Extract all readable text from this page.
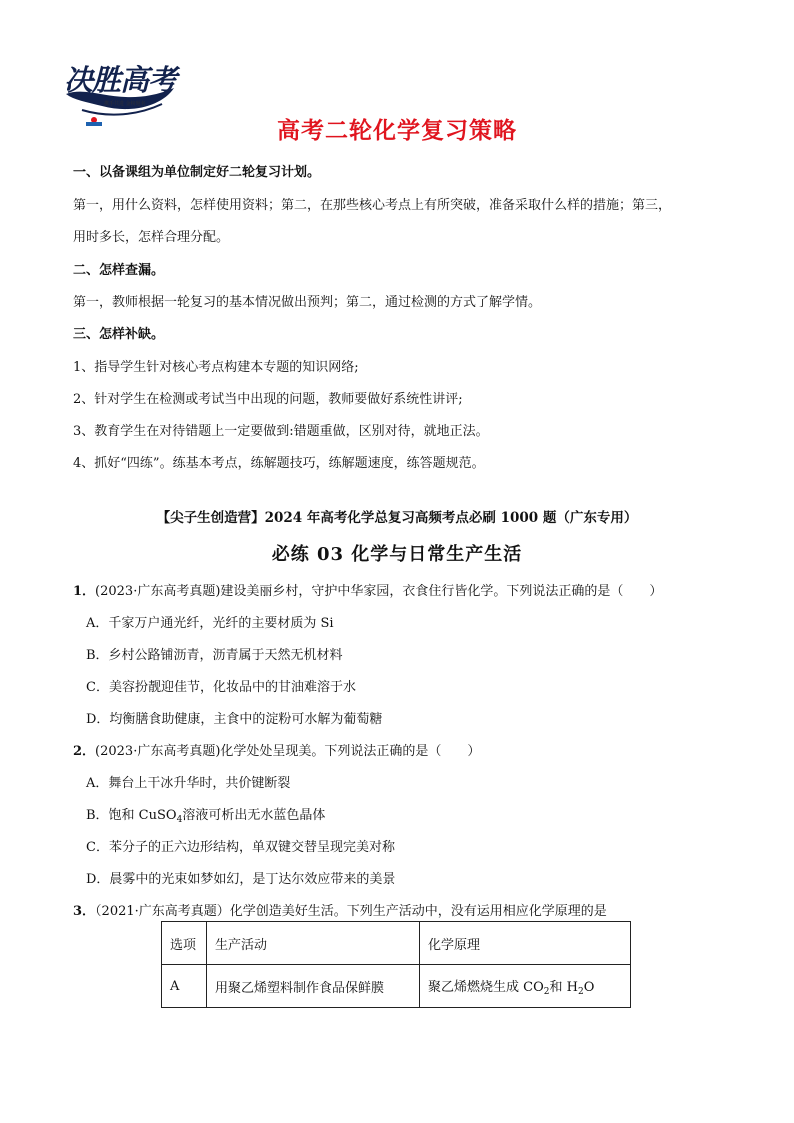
决胜高考
携手共进 金榜题名
高考二轮化学复习策略
一、以备课组为单位制定好二轮复习计划。
第一，用什么资料，怎样使用资料；第二，在那些核心考点上有所突破，准备采取什么样的措施；第三，
用时多长，怎样合理分配。
二、怎样查漏。
第一，教师根据一轮复习的基本情况做出预判；第二，通过检测的方式了解学情。
三、怎样补缺。
1、指导学生针对核心考点构建本专题的知识网络;
2、针对学生在检测或考试当中出现的问题，教师要做好系统性讲评;
3、教育学生在对待错题上一定要做到:错题重做，区别对待，就地正法。
4、抓好“四练”。练基本考点，练解题技巧，练解题速度，练答题规范。
【尖子生创造营】2024 年高考化学总复习高频考点必刷 1000 题（广东专用）
必练 03 化学与日常生产生活
1．(2023·广东高考真题)建设美丽乡村，守护中华家园，衣食住行皆化学。下列说法正确的是（　　）
A．千家万户通光纤，光纤的主要材质为 Si
B．乡村公路铺沥青，沥青属于天然无机材料
C．美容扮靓迎佳节，化妆品中的甘油难溶于水
D．均衡膳食助健康，主食中的淀粉可水解为葡萄糖
2．(2023·广东高考真题)化学处处呈现美。下列说法正确的是（　　）
A．舞台上干冰升华时，共价键断裂
B．饱和 CuSO$_4$溶液可析出无水蓝色晶体
C．苯分子的正六边形结构，单双键交替呈现完美对称
D．晨雾中的光束如梦如幻，是丁达尔效应带来的美景
3．（2021·广东高考真题）化学创造美好生活。下列生产活动中，没有运用相应化学原理的是
选项	生产活动	化学原理
A	用聚乙烯塑料制作食品保鲜膜	聚乙烯燃烧生成 $CO_2$和 $H_2O$
